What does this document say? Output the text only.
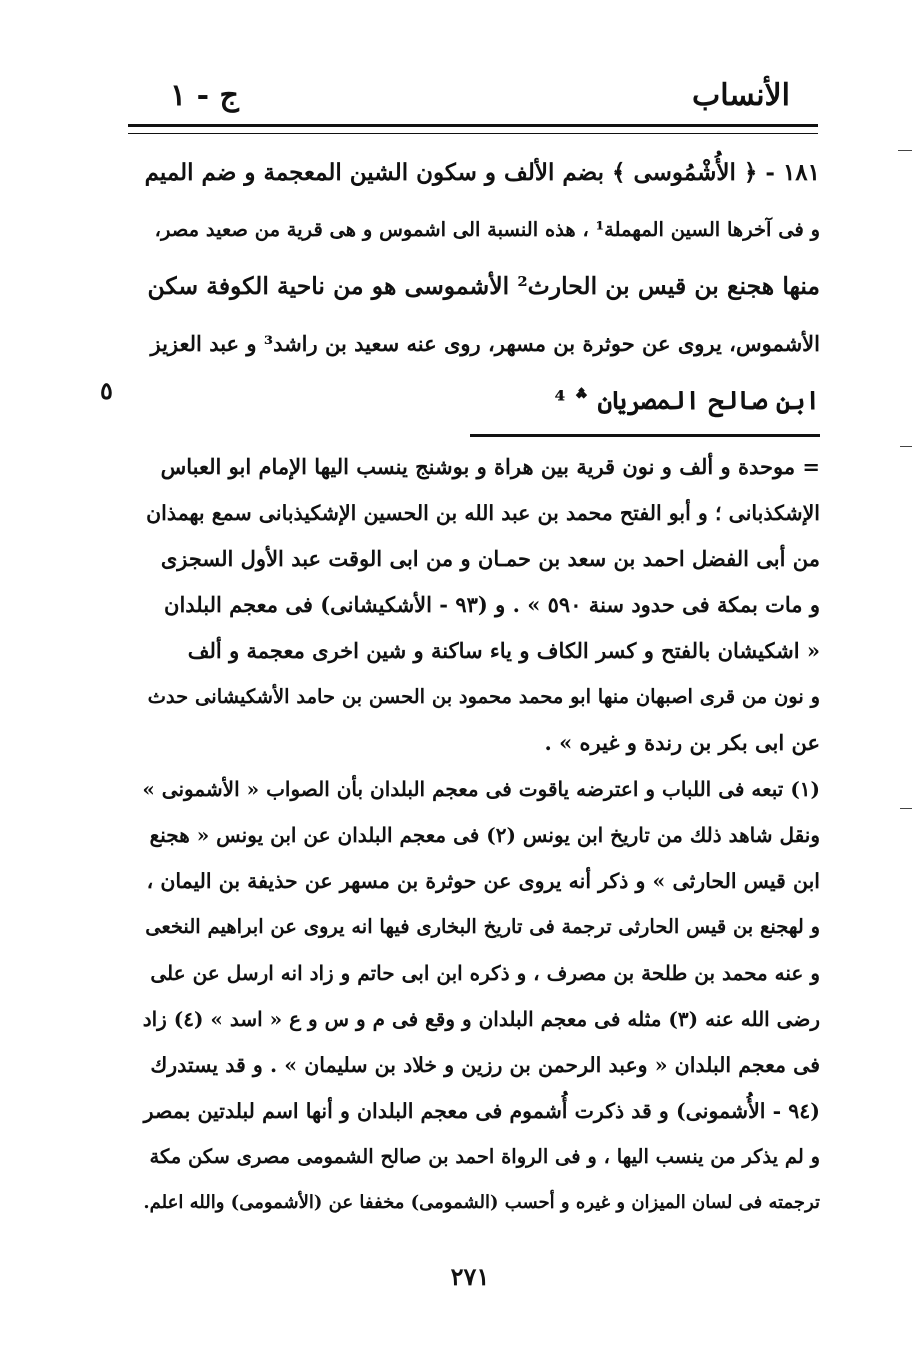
الأنساب
ج - ١
١٨١ - ﴿ الأُشْمُوسى ﴾ بضم الألف و سكون الشين المعجمة و ضم الميم
و فى آخرها السين المهملة¹ ، هذه النسبة الى اشموس و هى قرية من صعيد مصر،
منها هجنع بن قيس بن الحارث² الأشموسى هو من ناحية الكوفة سكن
الأشموس، يروى عن حوثرة بن مسهر، روى عنه سعيد بن راشد³ و عبد العزيز
ابن صالح المصريان ؞ ⁴
٥
= موحدة و ألف و نون قرية بين هراة و بوشنج ينسب اليها الإمام ابو العباس
الإشكذبانى ؛ و أبو الفتح محمد بن عبد الله بن الحسين الإشكيذبانى سمع بهمذان
من أبى الفضل احمد بن سعد بن حمـان و من ابى الوقت عبد الأول السجزى
و مات بمكة فى حدود سنة ٥٩٠ » . و (٩٣ - الأشكيشانى) فى معجم البلدان
« اشكيشان بالفتح و كسر الكاف و ياء ساكنة و شين اخرى معجمة و ألف
و نون من قرى اصبهان منها ابو محمد محمود بن الحسن بن حامد الأشكيشانى حدث
عن ابى بكر بن رندة و غيره » .
(١) تبعه فى اللباب و اعترضه ياقوت فى معجم البلدان بأن الصواب « الأشمونى »
ونقل شاهد ذلك من تاريخ ابن يونس (٢) فى معجم البلدان عن ابن يونس « هجنع
ابن قيس الحارثى » و ذكر أنه يروى عن حوثرة بن مسهر عن حذيفة بن اليمان ،
و لهجنع بن قيس الحارثى ترجمة فى تاريخ البخارى فيها انه يروى عن ابراهيم النخعى
و عنه محمد بن طلحة بن مصرف ، و ذكره ابن ابى حاتم و زاد انه ارسل عن على
رضى الله عنه (٣) مثله فى معجم البلدان و وقع فى م و س و ع « اسد » (٤) زاد
فى معجم البلدان « وعبد الرحمن بن رزين و خلاد بن سليمان » . و قد يستدرك
(٩٤ - الأُشمونى) و قد ذكرت أُشموم فى معجم البلدان و أنها اسم لبلدتين بمصر
و لم يذكر من ينسب اليها ، و فى الرواة احمد بن صالح الشمومى مصرى سكن مكة
ترجمته فى لسان الميزان و غيره و أحسب (الشمومى) مخففا عن (الأشمومى) والله اعلم.
٢٧١
